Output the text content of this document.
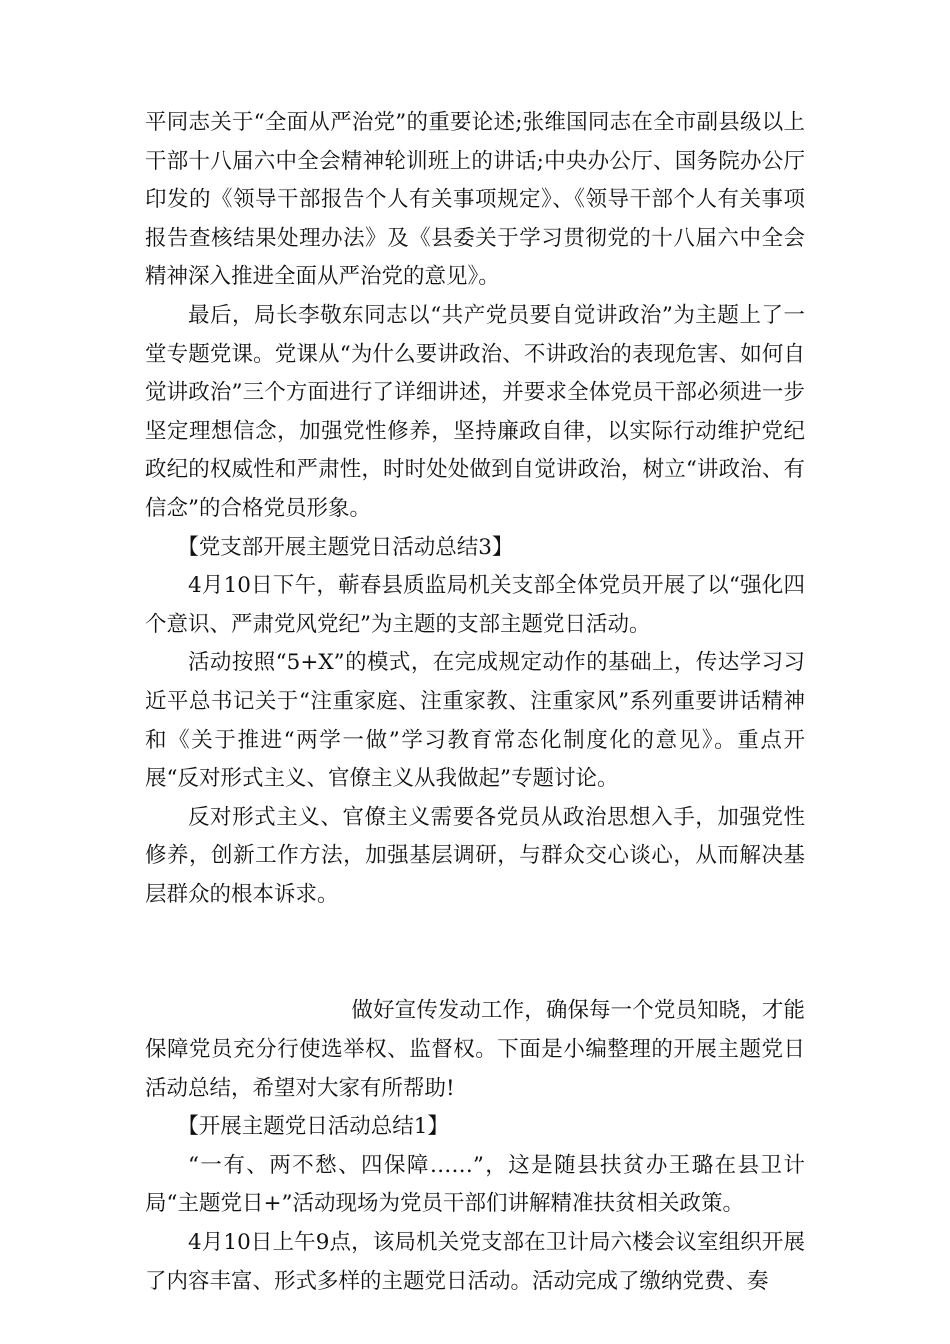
平同志关于“全面从严治党”的重要论述;张维国同志在全市副县级以上干部十八届六中全会精神轮训班上的讲话;中央办公厅、国务院办公厅印发的《领导干部报告个人有关事项规定》、《领导干部个人有关事项报告查核结果处理办法》及《县委关于学习贯彻党的十八届六中全会精神深入推进全面从严治党的意见》。

最后，局长李敬东同志以“共产党员要自觉讲政治”为主题上了一堂专题党课。党课从“为什么要讲政治、不讲政治的表现危害、如何自觉讲政治”三个方面进行了详细讲述，并要求全体党员干部必须进一步坚定理想信念，加强党性修养，坚持廉政自律，以实际行动维护党纪政纪的权威性和严肃性，时时处处做到自觉讲政治，树立“讲政治、有信念”的合格党员形象。

【党支部开展主题党日活动总结3】

4月10日下午，蕲春县质监局机关支部全体党员开展了以“强化四个意识、严肃党风党纪”为主题的支部主题党日活动。

活动按照“5+X”的模式，在完成规定动作的基础上，传达学习习近平总书记关于“注重家庭、注重家教、注重家风”系列重要讲话精神和《关于推进“两学一做”学习教育常态化制度化的意见》。重点开展“反对形式主义、官僚主义从我做起”专题讨论。

反对形式主义、官僚主义需要各党员从政治思想入手，加强党性修养，创新工作方法，加强基层调研，与群众交心谈心，从而解决基层群众的根本诉求。

做好宣传发动工作，确保每一个党员知晓，才能保障党员充分行使选举权、监督权。下面是小编整理的开展主题党日活动总结，希望对大家有所帮助!

【开展主题党日活动总结1】

“一有、两不愁、四保障……”，这是随县扶贫办王璐在县卫计局“主题党日+”活动现场为党员干部们讲解精准扶贫相关政策。

4月10日上午9点，该局机关党支部在卫计局六楼会议室组织开展了内容丰富、形式多样的主题党日活动。活动完成了缴纳党费、奏
